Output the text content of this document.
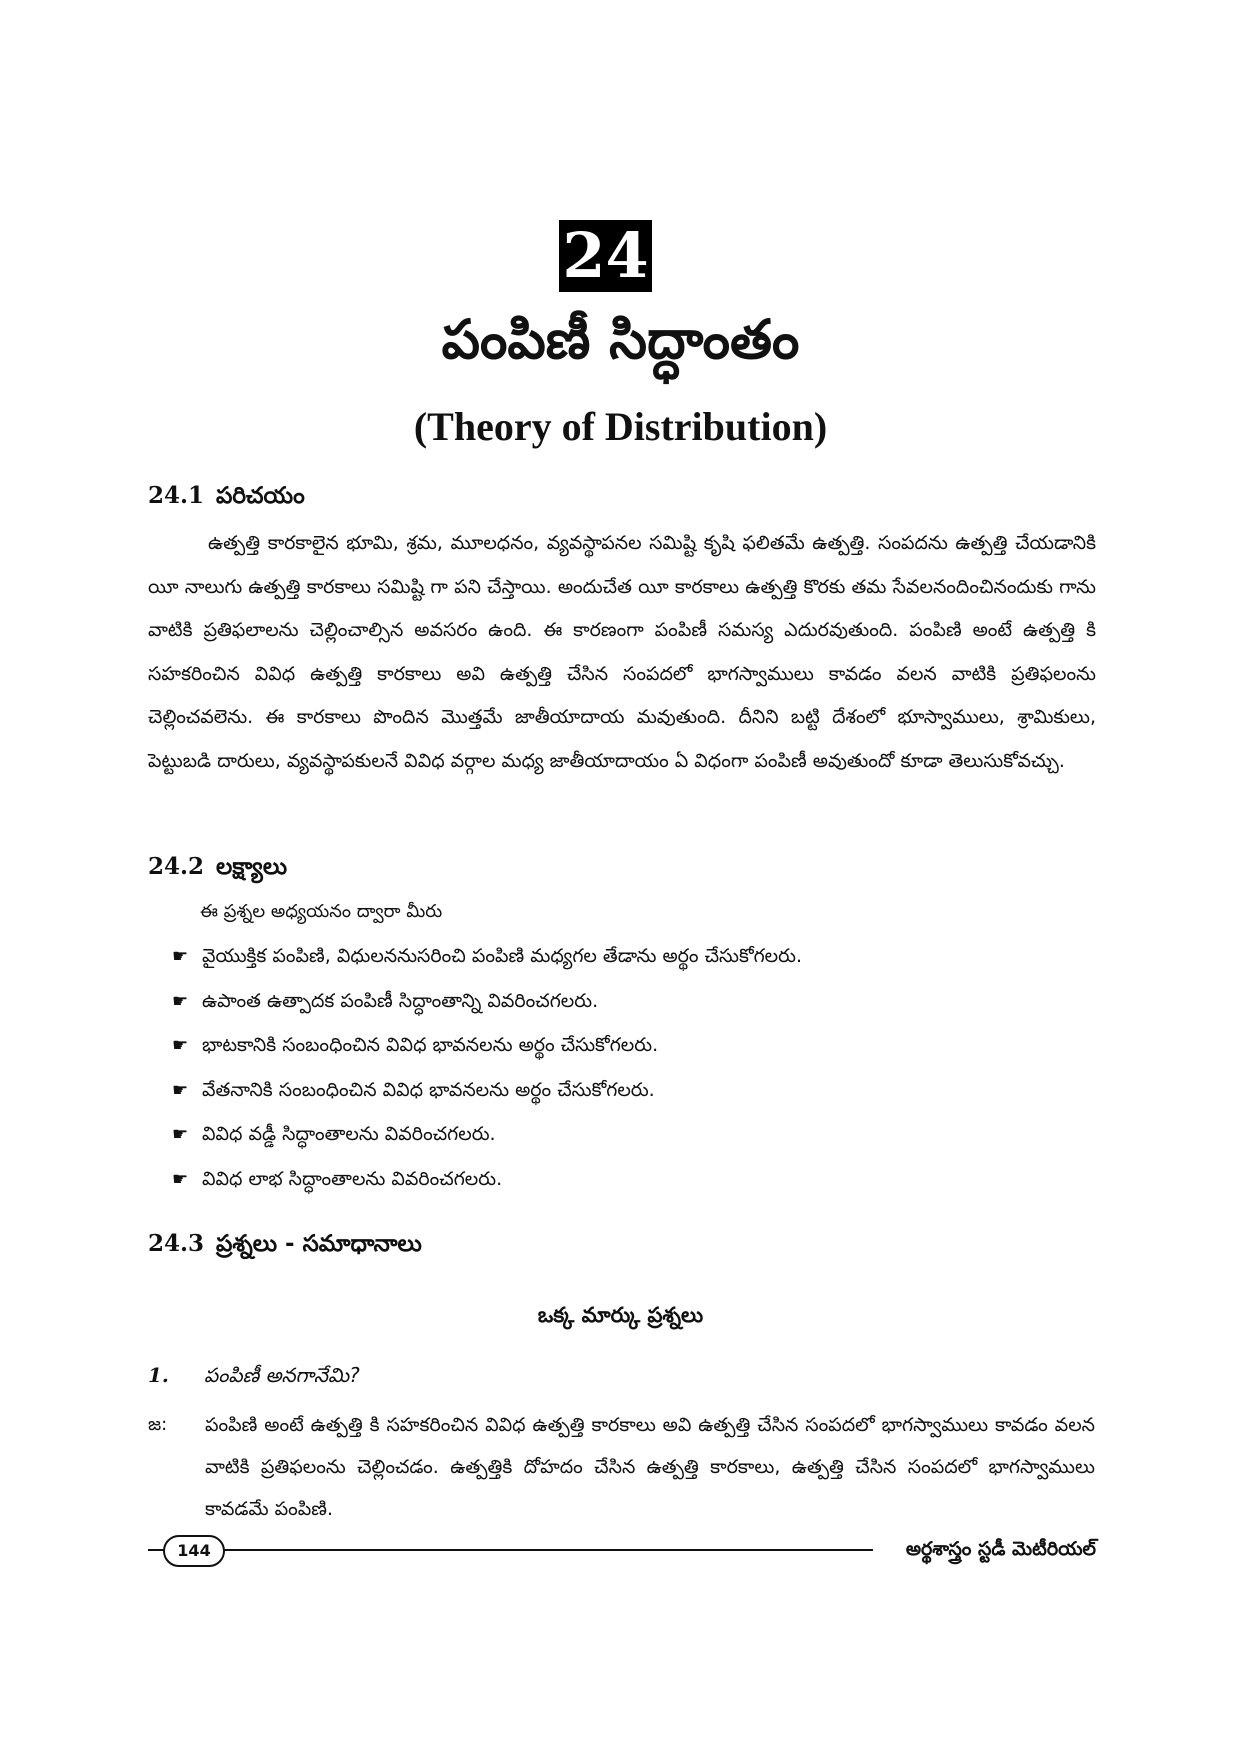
24
పంపిణీ సిద్ధాంతం
(Theory of Distribution)
24.1 పరిచయం

ఉత్పత్తి కారకాలైన భూమి, శ్రమ, మూలధనం, వ్యవస్థాపనల సమిష్టి కృషి ఫలితమే ఉత్పత్తి. సంపదను ఉత్పత్తి చేయడానికి యీ నాలుగు ఉత్పత్తి కారకాలు సమిష్టి గా పని చేస్తాయి. అందుచేత యీ కారకాలు ఉత్పత్తి కొరకు తమ సేవలనందించినందుకు గాను వాటికి ప్రతిఫలాలను చెల్లించాల్సిన అవసరం ఉంది. ఈ కారణంగా పంపిణీ సమస్య ఎదురవుతుంది. పంపిణి అంటే ఉత్పత్తి కి సహకరించిన వివిధ ఉత్పత్తి కారకాలు అవి ఉత్పత్తి చేసిన సంపదలో భాగస్వాములు కావడం వలన వాటికి ప్రతిఫలంను చెల్లించవలెను. ఈ కారకాలు పొందిన మొత్తమే జాతీయాదాయ మవుతుంది. దీనిని బట్టి దేశంలో భూస్వాములు, శ్రామికులు, పెట్టుబడి దారులు, వ్యవస్థాపకులనే వివిధ వర్గాల మధ్య జాతీయాదాయం ఏ విధంగా పంపిణీ అవుతుందో కూడా తెలుసుకోవచ్చు.

24.2 లక్ష్యాలు
ఈ ప్రశ్నల అధ్యయనం ద్వారా మీరు
☛ వైయుక్తిక పంపిణి, విధులననుసరించి పంపిణి మధ్యగల తేడాను అర్థం చేసుకోగలరు.
☛ ఉపాంత ఉత్పాదక పంపిణీ సిద్ధాంతాన్ని వివరించగలరు.
☛ భాటకానికి సంబంధించిన వివిధ భావనలను అర్థం చేసుకోగలరు.
☛ వేతనానికి సంబంధించిన వివిధ భావనలను అర్థం చేసుకోగలరు.
☛ వివిధ వడ్డీ సిద్ధాంతాలను వివరించగలరు.
☛ వివిధ లాభ సిద్ధాంతాలను వివరించగలరు.
24.3 ప్రశ్నలు - సమాధానాలు
ఒక్క మార్కు ప్రశ్నలు
1. పంపిణీ అనగానేమి?
జ: పంపిణి అంటే ఉత్పత్తి కి సహకరించిన వివిధ ఉత్పత్తి కారకాలు అవి ఉత్పత్తి చేసిన సంపదలో భాగస్వాములు కావడం వలన వాటికి ప్రతిఫలంను చెల్లించడం. ఉత్పత్తికి దోహదం చేసిన ఉత్పత్తి కారకాలు, ఉత్పత్తి చేసిన సంపదలో భాగస్వాములు కావడమే పంపిణి.

144	అర్థశాస్త్రం స్టడీ మెటీరియల్
